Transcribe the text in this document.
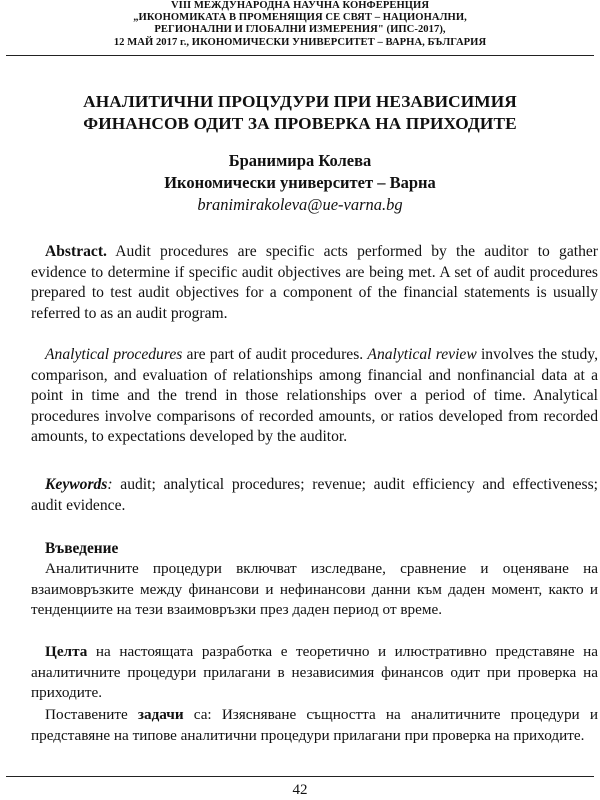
VIII МЕЖДУНАРОДНА НАУЧНА КОНФЕРЕНЦИЯ
„ИКОНОМИКАТА В ПРОМЕНЯЩИЯ СЕ СВЯТ – НАЦИОНАЛНИ,
РЕГИОНАЛНИ И ГЛОБАЛНИ ИЗМЕРЕНИЯ" (ИПС-2017),
12 МАЙ 2017 г., ИКОНОМИЧЕСКИ УНИВЕРСИТЕТ – ВАРНА, БЪЛГАРИЯ
АНАЛИТИЧНИ ПРОЦУДУРИ ПРИ НЕЗАВИСИМИЯ
ФИНАНСОВ ОДИТ ЗА ПРОВЕРКА НА ПРИХОДИТЕ
Бранимира Колева
Икономически университет – Варна
branimirakoleva@ue-varna.bg
Abstract. Audit procedures are specific acts performed by the auditor to gather evidence to determine if specific audit objectives are being met. A set of audit procedures prepared to test audit objectives for a component of the financial statements is usually referred to as an audit program.
Analytical procedures are part of audit procedures. Analytical review involves the study, comparison, and evaluation of relationships among financial and nonfinancial data at a point in time and the trend in those relationships over a period of time. Analytical procedures involve comparisons of recorded amounts, or ratios developed from recorded amounts, to expectations developed by the auditor.
Keywords: audit; analytical procedures; revenue; audit efficiency and effectiveness; audit evidence.
Въведение
Аналитичните процедури включват изследване, сравнение и оценяване на взаимовръзките между финансови и нефинансови данни към даден момент, както и тенденциите на тези взаимовръзки през даден период от време.
Целта на настоящата разработка е теоретично и илюстративно представяне на аналитичните процедури прилагани в независимия финансов одит при проверка на приходите.
Поставените задачи са: Изясняване същността на аналитичните процедури и представяне на типове аналитични процедури прилагани при проверка на приходите.
42
